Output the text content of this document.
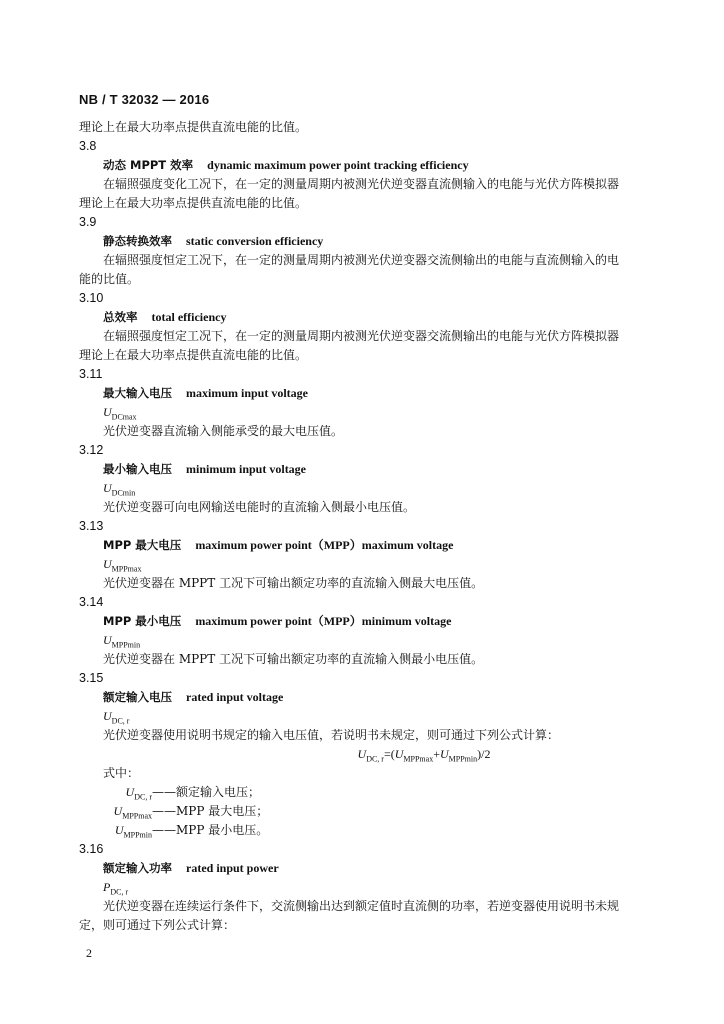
NB / T 32032 — 2016
理论上在最大功率点提供直流电能的比值。
3.8
动态 MPPT 效率 dynamic maximum power point tracking efficiency
在辐照强度变化工况下，在一定的测量周期内被测光伏逆变器直流侧输入的电能与光伏方阵模拟器
理论上在最大功率点提供直流电能的比值。
3.9
静态转换效率 static conversion efficiency
在辐照强度恒定工况下，在一定的测量周期内被测光伏逆变器交流侧输出的电能与直流侧输入的电
能的比值。
3.10
总效率 total efficiency
在辐照强度恒定工况下，在一定的测量周期内被测光伏逆变器交流侧输出的电能与光伏方阵模拟器
理论上在最大功率点提供直流电能的比值。
3.11
最大输入电压 maximum input voltage
$U_{DCmax}$
光伏逆变器直流输入侧能承受的最大电压值。
3.12
最小输入电压 minimum input voltage
$U_{DCmin}$
光伏逆变器可向电网输送电能时的直流输入侧最小电压值。
3.13
MPP 最大电压 maximum power point（MPP）maximum voltage
$U_{MPPmax}$
光伏逆变器在 MPPT 工况下可输出额定功率的直流输入侧最大电压值。
3.14
MPP 最小电压 maximum power point（MPP）minimum voltage
$U_{MPPmin}$
光伏逆变器在 MPPT 工况下可输出额定功率的直流输入侧最小电压值。
3.15
额定输入电压 rated input voltage
$U_{DC, r}$
光伏逆变器使用说明书规定的输入电压值，若说明书未规定，则可通过下列公式计算：
$U_{DC, r}=(U_{MPPmax}+U_{MPPmin})/2$
式中：
$U_{DC, r}——$额定输入电压；
$U_{MPPmax}——MPP$ 最大电压；
$U_{MPPmin}——MPP$ 最小电压。
3.16
额定输入功率 rated input power
$P_{DC, r}$
光伏逆变器在连续运行条件下，交流侧输出达到额定值时直流侧的功率，若逆变器使用说明书未规
定，则可通过下列公式计算：
2
